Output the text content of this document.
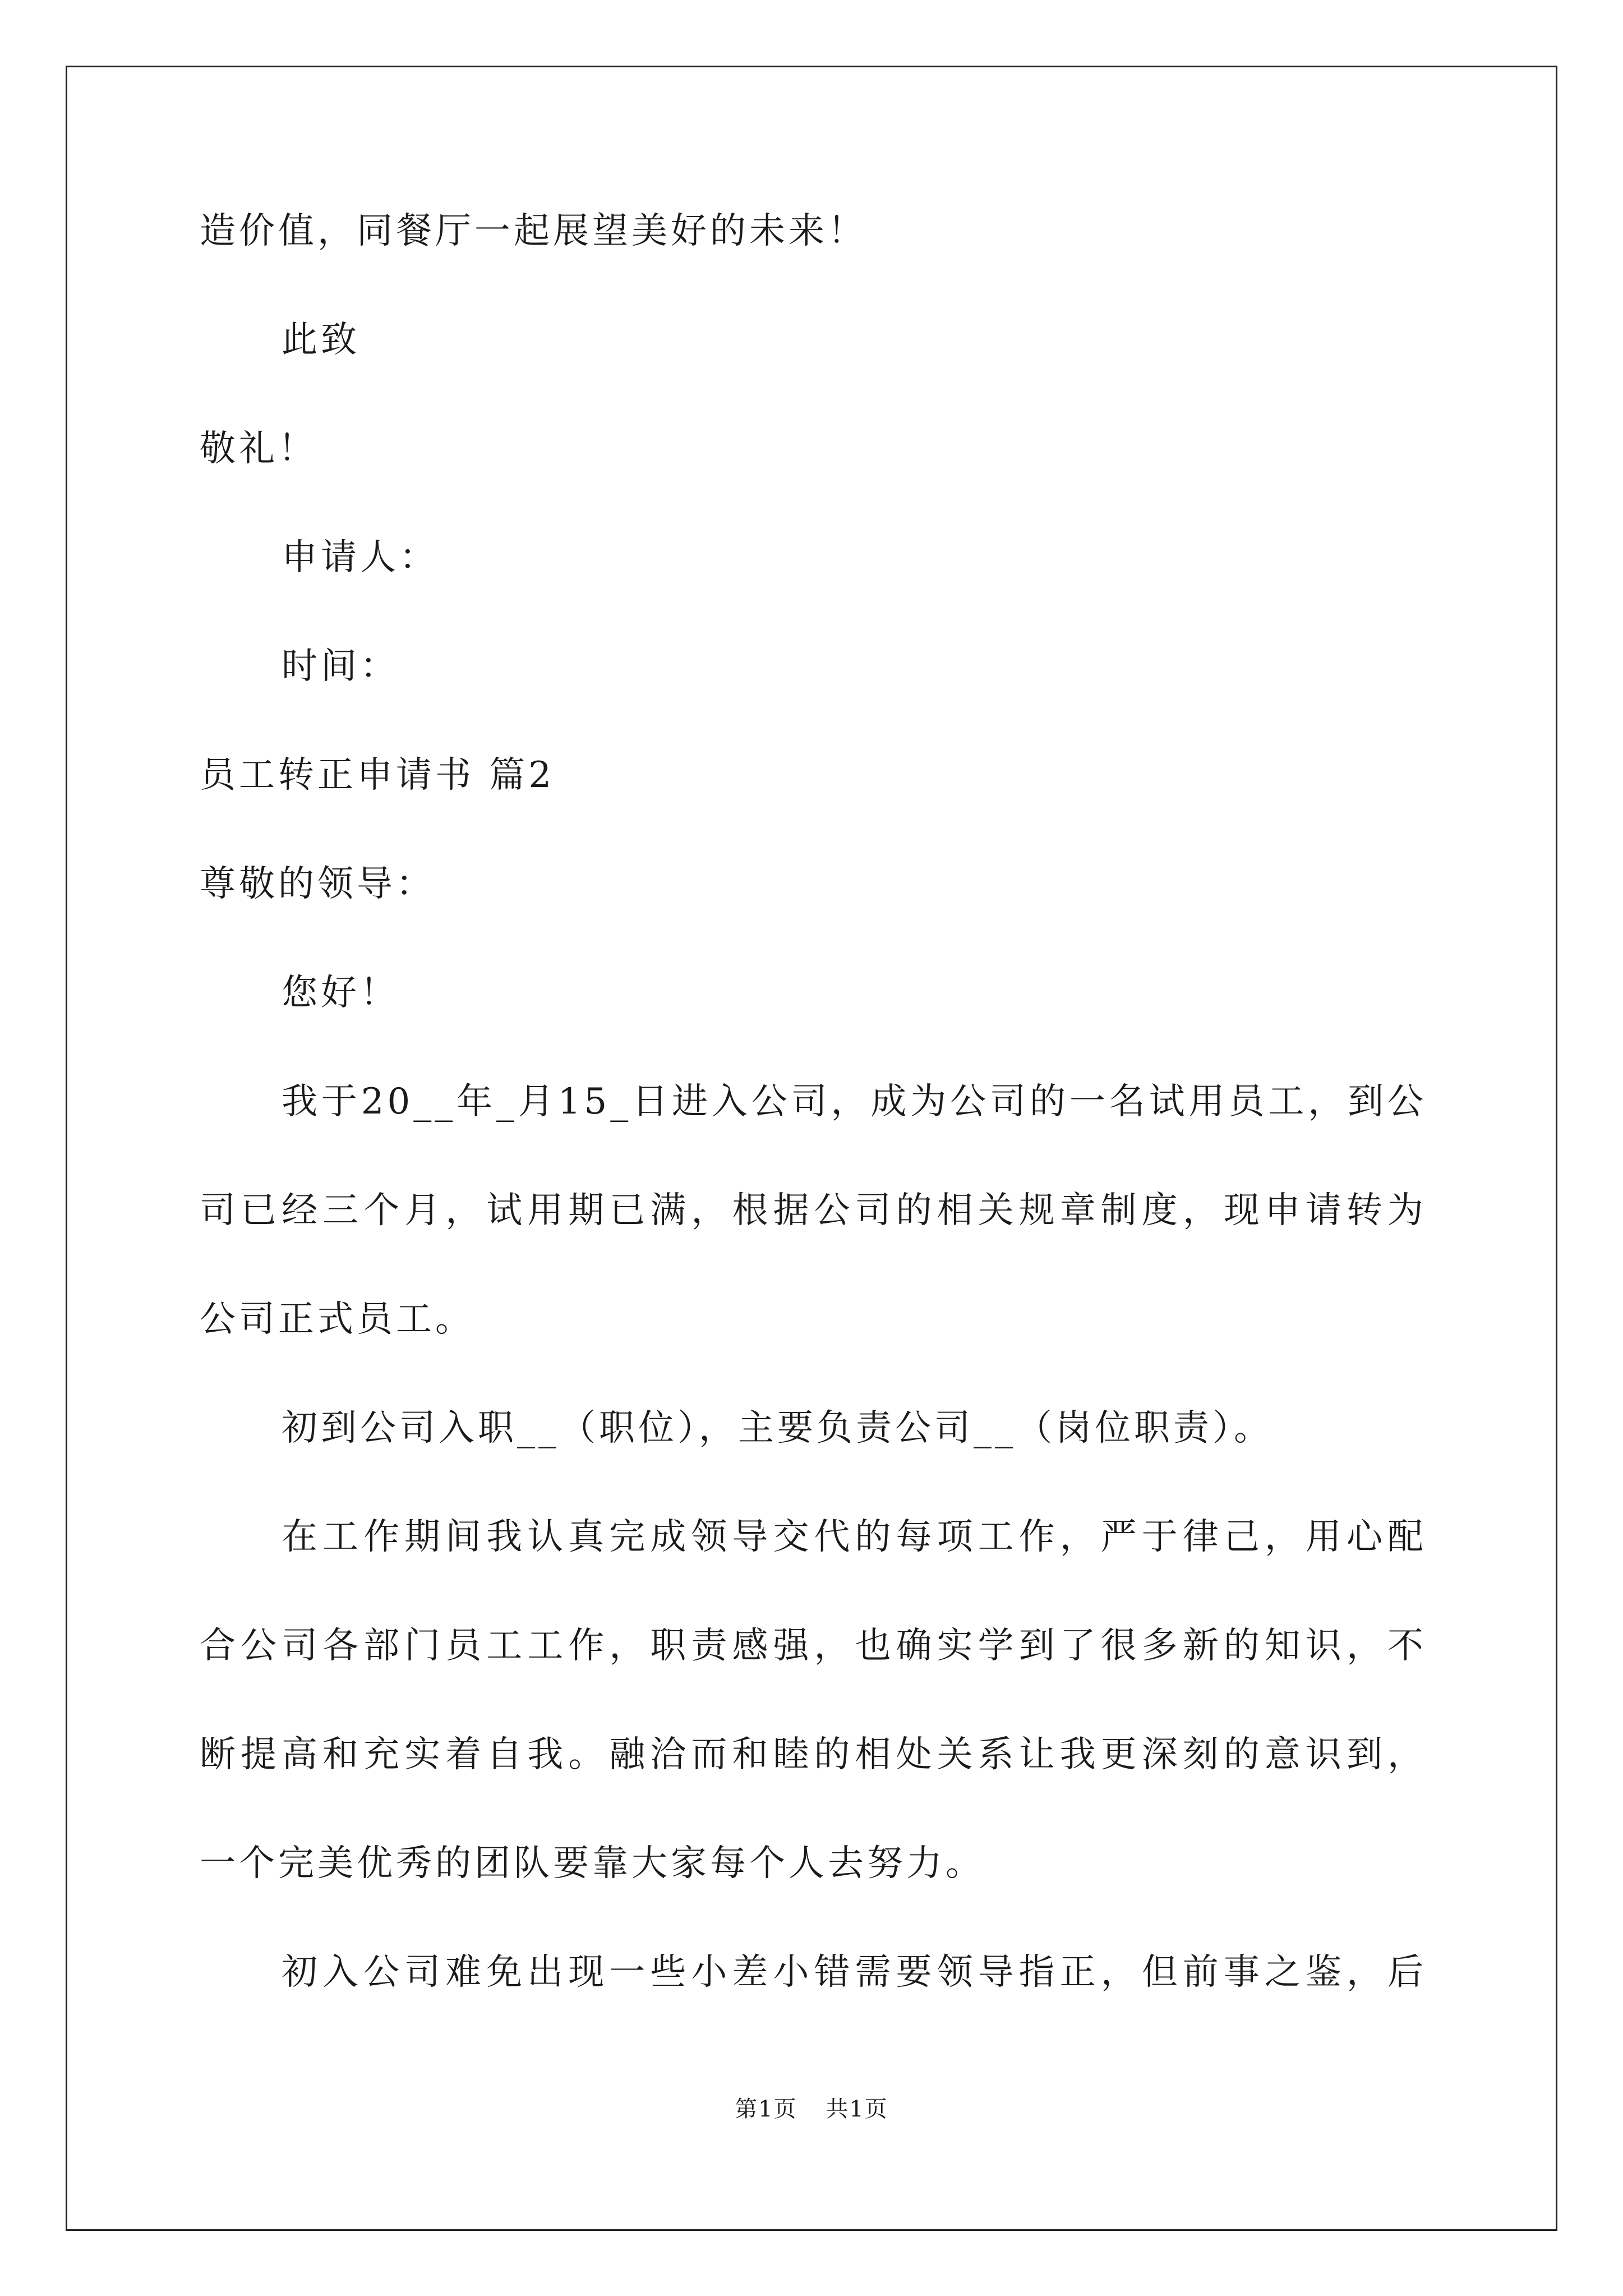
造价值，同餐厅一起展望美好的未来！
此致
敬礼！
申请人：
时间：
员工转正申请书 篇2
尊敬的领导：
您好！
我于20__年_月15_日进入公司，成为公司的一名试用员工，到公
司已经三个月，试用期已满，根据公司的相关规章制度，现申请转为
公司正式员工。
初到公司入职__（职位），主要负责公司__（岗位职责）。
在工作期间我认真完成领导交代的每项工作，严于律己，用心配
合公司各部门员工工作，职责感强，也确实学到了很多新的知识，不
断提高和充实着自我。融洽而和睦的相处关系让我更深刻的意识到，
一个完美优秀的团队要靠大家每个人去努力。
初入公司难免出现一些小差小错需要领导指正，但前事之鉴，后
第1页 共1页
